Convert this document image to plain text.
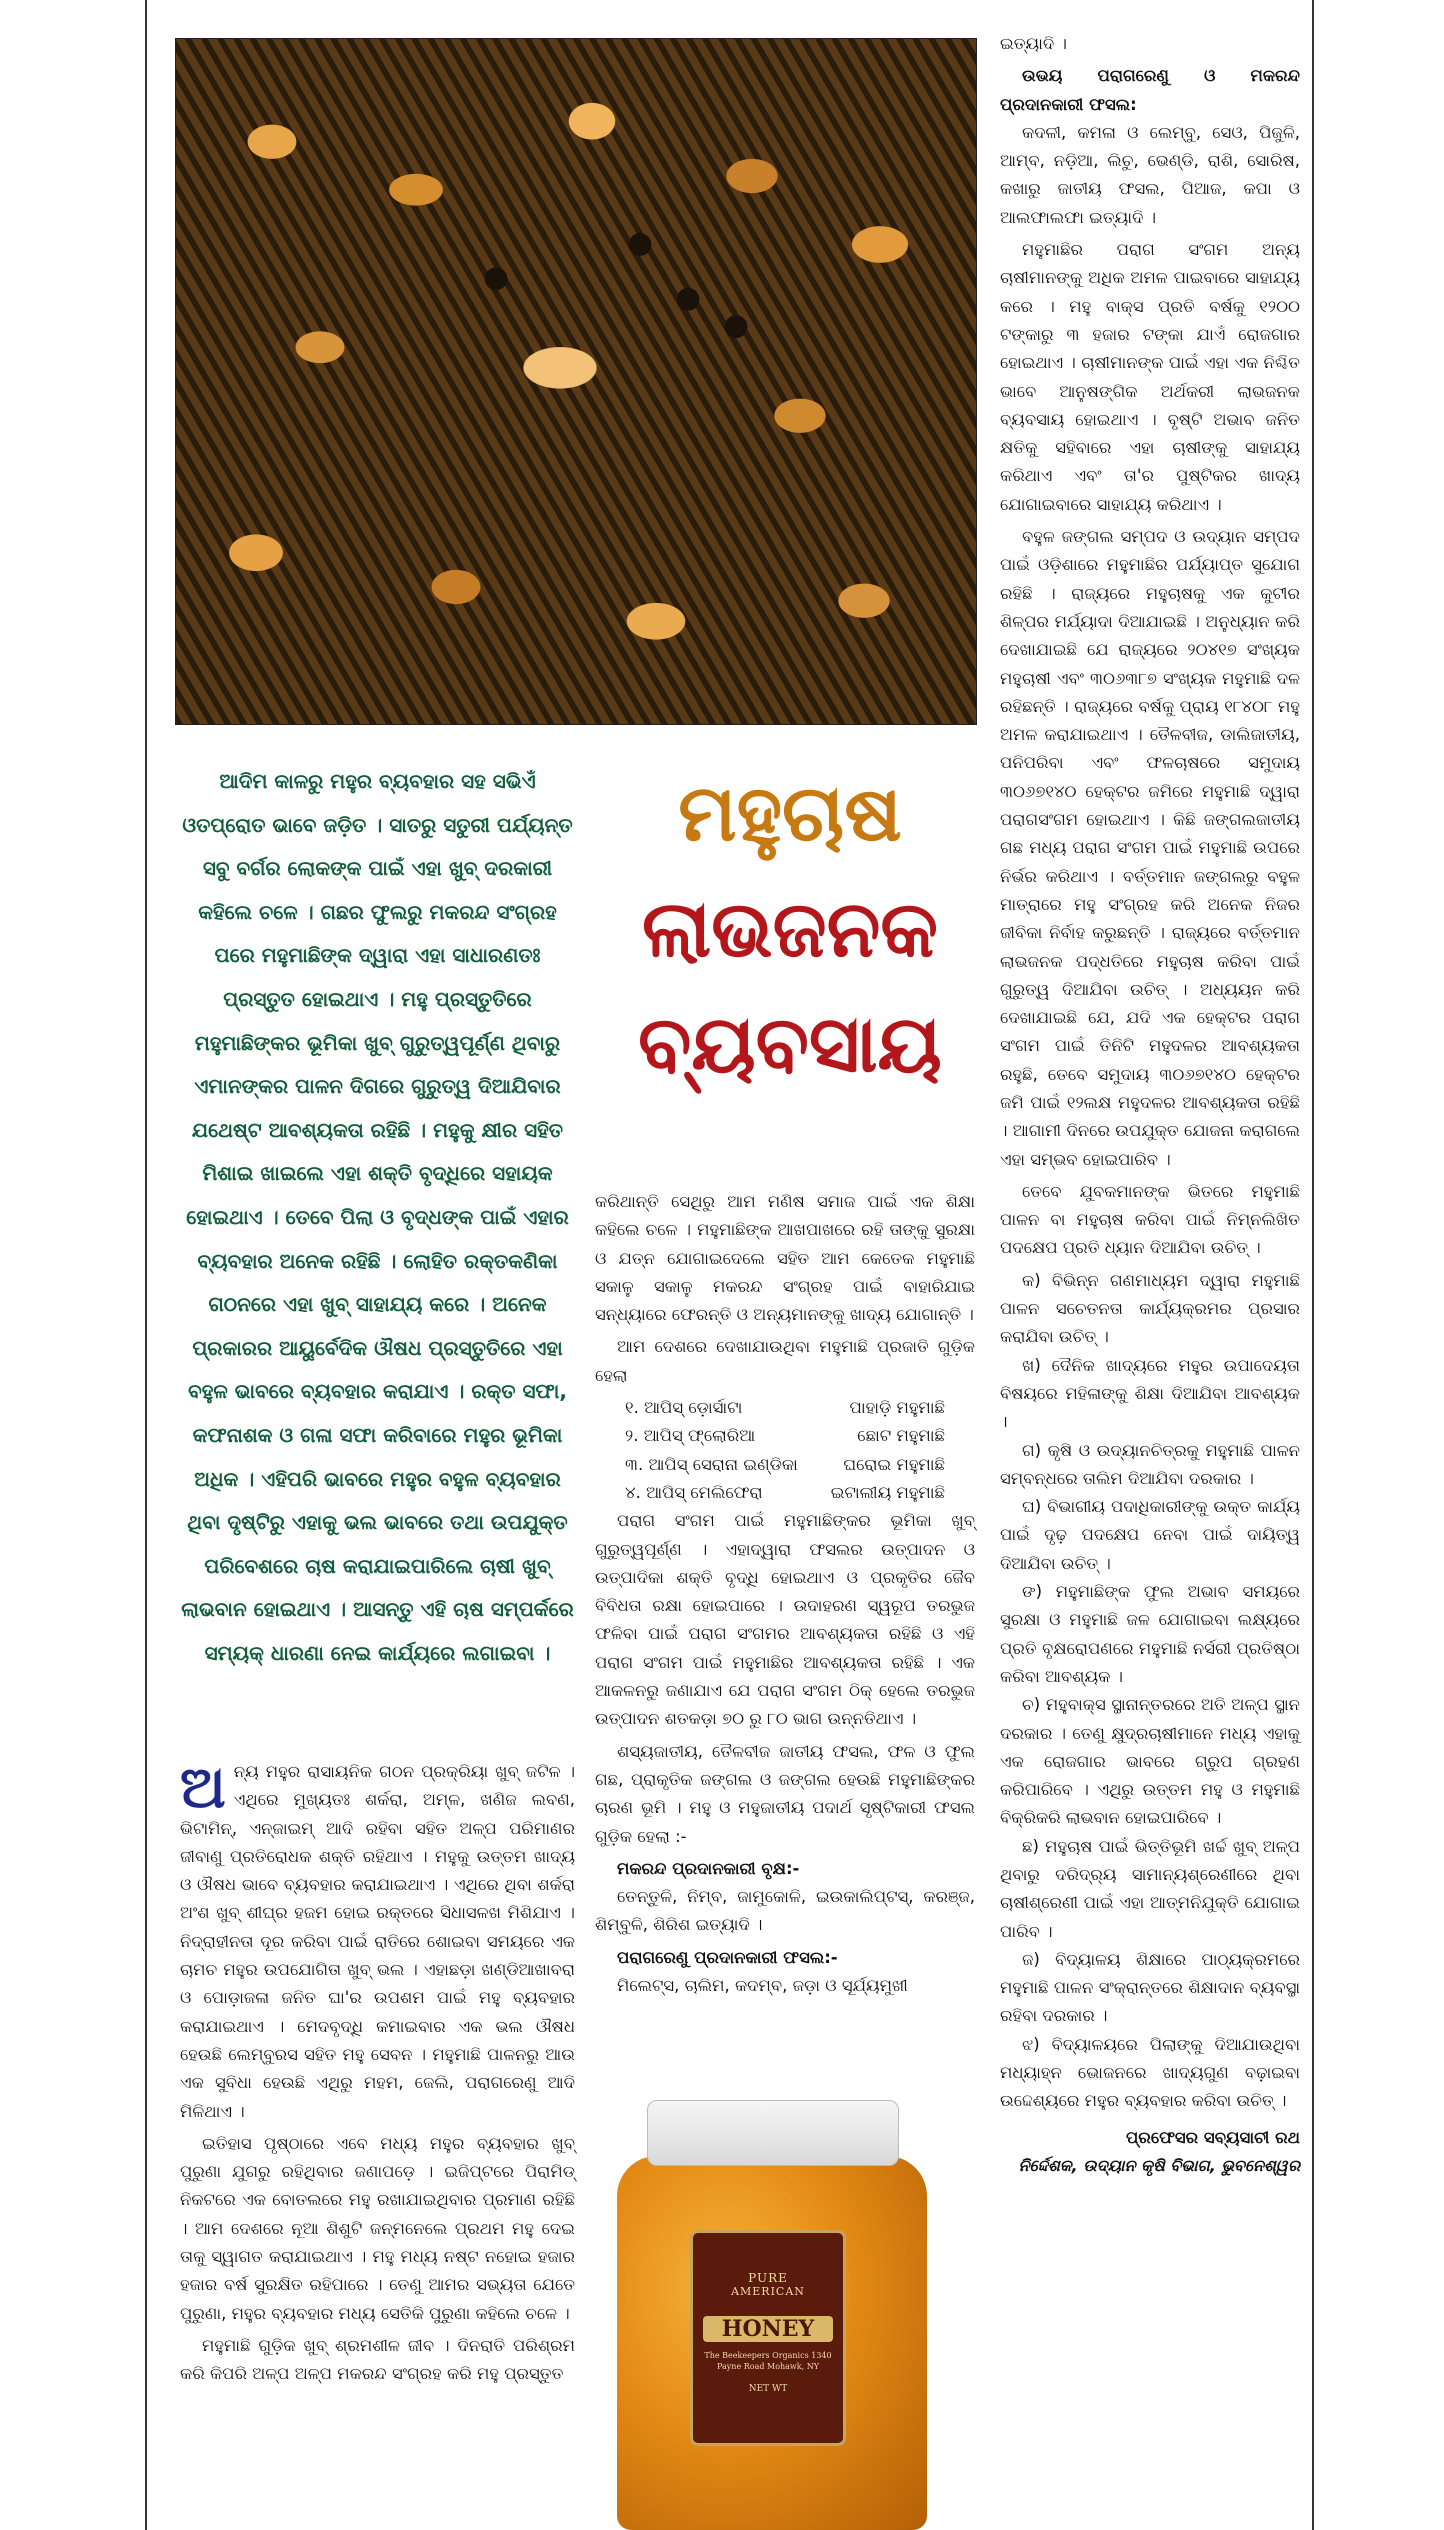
ମହୁଚାଷ
ଲାଭଜନକ
ବ୍ୟବସାୟ
ଆଦିମ କାଳରୁ ମହୁର ବ୍ୟବହାର ସହ ସଭିଏଁ ଓତପ୍ରୋତ ଭାବେ ଜଡ଼ିତ । ସାତରୁ ସତୁରୀ ପର୍ଯ୍ୟନ୍ତ ସବୁ ବର୍ଗର ଲୋକଙ୍କ ପାଇଁ ଏହା ଖୁବ୍ ଦରକାରୀ କହିଲେ ଚଳେ । ଗଛର ଫୁଲରୁ ମକରନ୍ଦ ସଂଗ୍ରହ ପରେ ମହୁମାଛିଙ୍କ ଦ୍ୱାରା ଏହା ସାଧାରଣତଃ ପ୍ରସ୍ତୁତ ହୋଇଥାଏ । ମହୁ ପ୍ରସ୍ତୁତିରେ ମହୁମାଛିଙ୍କର ଭୂମିକା ଖୁବ୍ ଗୁରୁତ୍ୱପୂର୍ଣ୍ଣ ଥିବାରୁ ଏମାନଙ୍କର ପାଳନ ଦିଗରେ ଗୁରୁତ୍ୱ ଦିଆଯିବାର ଯଥେଷ୍ଟ ଆବଶ୍ୟକତା ରହିଛି । ମହୁକୁ କ୍ଷୀର ସହିତ ମିଶାଇ ଖାଇଲେ ଏହା ଶକ୍ତି ବୃଦ୍ଧିରେ ସହାୟକ ହୋଇଥାଏ । ତେବେ ପିଲା ଓ ବୃଦ୍ଧଙ୍କ ପାଇଁ ଏହାର ବ୍ୟବହାର ଅନେକ ରହିଛି । ଲୋହିତ ରକ୍ତକଣିକା ଗଠନରେ ଏହା ଖୁବ୍ ସାହାଯ୍ୟ କରେ । ଅନେକ ପ୍ରକାରର ଆୟୁର୍ବେଦିକ ଔଷଧ ପ୍ରସ୍ତୁତିରେ ଏହା ବହୁଳ ଭାବରେ ବ୍ୟବହାର କରାଯାଏ । ରକ୍ତ ସଫା, କଫନାଶକ ଓ ଗଳା ସଫା କରିବାରେ ମହୁର ଭୂମିକା ଅଧିକ । ଏହିପରି ଭାବରେ ମହୁର ବହୁଳ ବ୍ୟବହାର ଥିବା ଦୃଷ୍ଟିରୁ ଏହାକୁ ଭଲ ଭାବରେ ତଥା ଉପଯୁକ୍ତ ପରିବେଶରେ ଚାଷ କରାଯାଇପାରିଲେ ଚାଷୀ ଖୁବ୍ ଲାଭବାନ ହୋଇଥାଏ । ଆସନ୍ତୁ ଏହି ଚାଷ ସମ୍ପର୍କରେ ସମ୍ୟକ୍ ଧାରଣା ନେଇ କାର୍ଯ୍ୟରେ ଲଗାଇବା ।

ଅନ୍ୟ ମହୁର ରାସାୟନିକ ଗଠନ ପ୍ରକ୍ରିୟା ଖୁବ୍ ଜଟିଳ । ଏଥିରେ ମୁଖ୍ୟତଃ ଶର୍କରା, ଅମ୍ଳ, ଖଣିଜ ଲବଣ, ଭିଟାମିନ୍, ଏନ୍‌ଜାଇମ୍ ଆଦି ରହିବା ସହିତ ଅଳ୍ପ ପରିମାଣର ଜୀବାଣୁ ପ୍ରତିରୋଧକ ଶକ୍ତି ରହିଥାଏ । ମହୁକୁ ଉତ୍ତମ ଖାଦ୍ୟ ଓ ଔଷଧ ଭାବେ ବ୍ୟବହାର କରାଯାଇଥାଏ । ଏଥିରେ ଥିବା ଶର୍କରା ଅଂଶ ଖୁବ୍ ଶୀଘ୍ର ହଜମ ହୋଇ ରକ୍ତରେ ସିଧାସଳଖ ମିଶିଯାଏ । ନିଦ୍ରାହୀନତା ଦୂର କରିବା ପାଇଁ ରାତିରେ ଶୋଇବା ସମୟରେ ଏକ ଚାମଚ ମହୁର ଉପଯୋଗିତା ଖୁବ୍ ଭଲ । ଏହାଛଡ଼ା ଖଣ୍ଡିଆଖାବରା ଓ ପୋଡ଼ାଜଳା ଜନିତ ଘା'ର ଉପଶମ ପାଇଁ ମହୁ ବ୍ୟବହାର କରାଯାଇଥାଏ । ମେଦବୃଦ୍ଧି କମାଇବାର ଏକ ଭଲ ଔଷଧ ହେଉଛି ଲେମ୍ବୁରସ ସହିତ ମହୁ ସେବନ । ମହୁମାଛି ପାଳନରୁ ଆଉ ଏକ ସୁବିଧା ହେଉଛି ଏଥିରୁ ମହମ, ଜେଲି, ପରାଗରେଣୁ ଆଦି ମିଳିଥାଏ ।

ଇତିହାସ ପୃଷ୍ଠାରେ ଏବେ ମଧ୍ୟ ମହୁର ବ୍ୟବହାର ଖୁବ୍ ପୁରୁଣା ଯୁଗରୁ ରହିଥିବାର ଜଣାପଡ଼େ । ଇଜିପ୍ଟରେ ପିରାମିଡ୍ ନିକଟରେ ଏକ ବୋତଲରେ ମହୁ ରଖାଯାଇଥିବାର ପ୍ରମାଣ ରହିଛି । ଆମ ଦେଶରେ ନୂଆ ଶିଶୁଟି ଜନ୍ମନେଲେ ପ୍ରଥମ ମହୁ ଦେଇ ତାକୁ ସ୍ୱାଗତ କରାଯାଇଥାଏ । ମହୁ ମଧ୍ୟ ନଷ୍ଟ ନହୋଇ ହଜାର ହଜାର ବର୍ଷ ସୁରକ୍ଷିତ ରହିପାରେ । ତେଣୁ ଆମର ସଭ୍ୟତା ଯେତେ ପୁରୁଣା, ମହୁର ବ୍ୟବହାର ମଧ୍ୟ ସେତିକି ପୁରୁଣା କହିଲେ ଚଳେ ।

ମହୁମାଛି ଗୁଡ଼ିକ ଖୁବ୍ ଶ୍ରମଶୀଳ ଜୀବ । ଦିନରାତି ପରିଶ୍ରମ କରି କିପରି ଅଳ୍ପ ଅଳ୍ପ ମକରନ୍ଦ ସଂଗ୍ରହ କରି ମହୁ ପ୍ରସ୍ତୁତ

କରିଥାନ୍ତି ସେଥିରୁ ଆମ ମଣିଷ ସମାଜ ପାଇଁ ଏକ ଶିକ୍ଷା କହିଲେ ଚଳେ । ମହୁମାଛିଙ୍କ ଆଖପାଖରେ ରହି ତାଙ୍କୁ ସୁରକ୍ଷା ଓ ଯତ୍ନ ଯୋଗାଇଦେଲେ ସହିତ ଆମ କେତେକ ମହୁମାଛି ସକାଳୁ ସକାଳୁ ମକରନ୍ଦ ସଂଗ୍ରହ ପାଇଁ ବାହାରିଯାଇ ସନ୍ଧ୍ୟାରେ ଫେରନ୍ତି ଓ ଅନ୍ୟମାନଙ୍କୁ ଖାଦ୍ୟ ଯୋଗାନ୍ତି ।

ଆମ ଦେଶରେ ଦେଖାଯାଉଥିବା ମହୁମାଛି ପ୍ରଜାତି ଗୁଡ଼ିକ ହେଲା

୧. ଆପିସ୍ ଡ଼ୋର୍ସାଟା	ପାହାଡ଼ି ମହୁମାଛି
୨. ଆପିସ୍ ଫ୍ଲୋରିଆ	ଛୋଟ ମହୁମାଛି
୩. ଆପିସ୍ ସେରାନା ଇଣ୍ଡିକା	ଘରୋଇ ମହୁମାଛି
୪. ଆପିସ୍ ମେଲିଫେରା	ଇଟାଲୀୟ ମହୁମାଛି

ପରାଗ ସଂଗମ ପାଇଁ ମହୁମାଛିଙ୍କର ଭୂମିକା ଖୁବ୍ ଗୁରୁତ୍ୱପୂର୍ଣ୍ଣ । ଏହାଦ୍ୱାରା ଫସଲର ଉତ୍ପାଦନ ଓ ଉତ୍ପାଦିକା ଶକ୍ତି ବୃଦ୍ଧି ହୋଇଥାଏ ଓ ପ୍ରକୃତିର ଜୈବ ବିବିଧତା ରକ୍ଷା ହୋଇପାରେ । ଉଦାହରଣ ସ୍ୱରୂପ ତରଭୁଜ ଫଳିବା ପାଇଁ ପରାଗ ସଂଗମର ଆବଶ୍ୟକତା ରହିଛି ଓ ଏହି ପରାଗ ସଂଗମ ପାଇଁ ମହୁମାଛିର ଆବଶ୍ୟକତା ରହିଛି । ଏକ ଆକଳନରୁ ଜଣାଯାଏ ଯେ ପରାଗ ସଂଗମ ଠିକ୍ ହେଲେ ତରଭୁଜ ଉତ୍ପାଦନ ଶତକଡ଼ା ୭୦ ରୁ ୮୦ ଭାଗ ଉନ୍ନତିଥାଏ ।

ଶସ୍ୟଜାତୀୟ, ତୈଳବୀଜ ଜାତୀୟ ଫସଲ, ଫଳ ଓ ଫୁଲ ଗଛ, ପ୍ରାକୃତିକ ଜଙ୍ଗଲ ଓ ଜଙ୍ଗଲ ହେଉଛି ମହୁମାଛିଙ୍କର ଚାରଣ ଭୂମି । ମହୁ ଓ ମହୁଜାତୀୟ ପଦାର୍ଥ ସୃଷ୍ଟିକାରୀ ଫସଲ ଗୁଡ଼ିକ ହେଲା :-

ମକରନ୍ଦ ପ୍ରଦାନକାରୀ ବୃକ୍ଷ:-

ତେନ୍ତୁଳି, ନିମ୍ବ, ଜାମୁକୋଳି, ଇଉକାଲିପ୍ଟସ୍, କରଞ୍ଜ, ଶିମ୍ବୁଳି, ଶିରିଶ ଇତ୍ୟାଦି ।

ପରାଗରେଣୁ ପ୍ରଦାନକାରୀ ଫସଲ:-

ମିଲେଟ୍ସ, ଚାଲିମ, କଦମ୍ବ, ଜଡ଼ା ଓ ସୂର୍ଯ୍ୟମୁଖୀ

PURE
AMERICAN
HONEY
The Beekeepers Organics 1340 Payne Road Mohawk, NY
NET WT

ଇତ୍ୟାଦି ।

ଉଭୟ ପରାଗରେଣୁ ଓ ମକରନ୍ଦ ପ୍ରଦାନକାରୀ ଫସଲ:

କଦଳୀ, କମଳା ଓ ଲେମ୍ବୁ, ସେଓ, ପିଜୁଳି, ଆମ୍ବ, ନଡ଼ିଆ, ଲିଚୁ, ଭେଣ୍ଡି, ରାଶି, ସୋରିଷ, କଖାରୁ ଜାତୀୟ ଫସଲ, ପିଆଜ, କପା ଓ ଆଲଫାଲଫା ଇତ୍ୟାଦି ।

ମହୁମାଛିର ପରାଗ ସଂଗମ ଅନ୍ୟ ଚାଷୀମାନଙ୍କୁ ଅଧିକ ଅମଳ ପାଇବାରେ ସାହାଯ୍ୟ କରେ । ମହୁ ବାକ୍ସ ପ୍ରତି ବର୍ଷକୁ ୧୨୦୦ ଟଙ୍କାରୁ ୩ ହଜାର ଟଙ୍କା ଯାଏଁ ରୋଜଗାର ହୋଇଥାଏ । ଚାଷୀମାନଙ୍କ ପାଇଁ ଏହା ଏକ ନିଶ୍ଚିତ ଭାବେ ଆନୁଷଙ୍ଗିକ ଅର୍ଥକରୀ ଲାଭଜନକ ବ୍ୟବସାୟ ହୋଇଥାଏ । ବୃଷ୍ଟି ଅଭାବ ଜନିତ କ୍ଷତିକୁ ସହିବାରେ ଏହା ଚାଷୀଙ୍କୁ ସାହାଯ୍ୟ କରିଥାଏ ଏବଂ ତା'ର ପୁଷ୍ଟିକର ଖାଦ୍ୟ ଯୋଗାଇବାରେ ସାହାଯ୍ୟ କରିଥାଏ ।

ବହୁଳ ଜଙ୍ଗଲ ସମ୍ପଦ ଓ ଉଦ୍ୟାନ ସମ୍ପଦ ପାଇଁ ଓଡ଼ିଶାରେ ମହୁମାଛିର ପର୍ଯ୍ୟାପ୍ତ ସୁଯୋଗ ରହିଛି । ରାଜ୍ୟରେ ମହୁଚାଷକୁ ଏକ କୁଟୀର ଶିଳ୍ପର ମର୍ଯ୍ୟାଦା ଦିଆଯାଇଛି । ଅନୁଧ୍ୟାନ କରି ଦେଖାଯାଇଛି ଯେ ରାଜ୍ୟରେ ୨୦୪୧୭ ସଂଖ୍ୟକ ମହୁଚାଷୀ ଏବଂ ୩୦୬୩୮୭ ସଂଖ୍ୟକ ମହୁମାଛି ଦଳ ରହିଛନ୍ତି । ରାଜ୍ୟରେ ବର୍ଷକୁ ପ୍ରାୟ ୧୮୪୦୮ ମହୁ ଅମଳ କରାଯାଇଥାଏ । ତୈଳବୀଜ, ଡାଲିଜାତୀୟ, ପନିପରିବା ଏବଂ ଫଳଚାଷରେ ସମୁଦାୟ ୩୦୬୭୧୪୦ ହେକ୍ଟର ଜମିରେ ମହୁମାଛି ଦ୍ୱାରା ପରାଗସଂଗମ ହୋଇଥାଏ । କିଛି ଜଙ୍ଗଲଜାତୀୟ ଗଛ ମଧ୍ୟ ପରାଗ ସଂଗମ ପାଇଁ ମହୁମାଛି ଉପରେ ନିର୍ଭର କରିଥାଏ । ବର୍ତ୍ତମାନ ଜଙ୍ଗଲରୁ ବହୁଳ ମାତ୍ରାରେ ମହୁ ସଂଗ୍ରହ କରି ଅନେକ ନିଜର ଜୀବିକା ନିର୍ବାହ କରୁଛନ୍ତି । ରାଜ୍ୟରେ ବର୍ତ୍ତମାନ ଲାଭଜନକ ପଦ୍ଧତିରେ ମହୁଚାଷ କରିବା ପାଇଁ ଗୁରୁତ୍ୱ ଦିଆଯିବା ଉଚିତ୍ । ଅଧ୍ୟୟନ କରି ଦେଖାଯାଇଛି ଯେ, ଯଦି ଏକ ହେକ୍ଟର ପରାଗ ସଂଗମ ପାଇଁ ତିନିଟି ମହୁଦଳର ଆବଶ୍ୟକତା ରହୁଛି, ତେବେ ସମୁଦାୟ ୩୦୬୭୧୪୦ ହେକ୍ଟର ଜମି ପାଇଁ ୧୨ଲକ୍ଷ ମହୁଦଳର ଆବଶ୍ୟକତା ରହିଛି । ଆଗାମୀ ଦିନରେ ଉପଯୁକ୍ତ ଯୋଜନା କରାଗଲେ ଏହା ସମ୍ଭବ ହୋଇପାରିବ ।

ତେବେ ଯୁବକମାନଙ୍କ ଭିତରେ ମହୁମାଛି ପାଳନ ବା ମହୁଚାଷ କରିବା ପାଇଁ ନିମ୍ନଲିଖିତ ପଦକ୍ଷେପ ପ୍ରତି ଧ୍ୟାନ ଦିଆଯିବା ଉଚିତ୍ ।

କ) ବିଭିନ୍ନ ଗଣମାଧ୍ୟମ ଦ୍ୱାରା ମହୁମାଛି ପାଳନ ସଚେତନତା କାର୍ଯ୍ୟକ୍ରମର ପ୍ରସାର କରାଯିବା ଉଚିତ୍ ।

ଖ) ଦୈନିକ ଖାଦ୍ୟରେ ମହୁର ଉପାଦେୟତା ବିଷୟରେ ମହିଳାଙ୍କୁ ଶିକ୍ଷା ଦିଆଯିବା ଆବଶ୍ୟକ ।

ଗ) କୃଷି ଓ ଉଦ୍ୟାନଚିତ୍ରକୁ ମହୁମାଛି ପାଳନ ସମ୍ବନ୍ଧରେ ତାଲିମ ଦିଆଯିବା ଦରକାର ।

ଘ) ବିଭାଗୀୟ ପଦାଧିକାରୀଙ୍କୁ ଉକ୍ତ କାର୍ଯ୍ୟ ପାଇଁ ଦୃଢ଼ ପଦକ୍ଷେପ ନେବା ପାଇଁ ଦାୟିତ୍ୱ ଦିଆଯିବା ଉଚିତ୍ ।

ଙ) ମହୁମାଛିଙ୍କ ଫୁଲ ଅଭାବ ସମୟରେ ସୁରକ୍ଷା ଓ ମହୁମାଛି ଜଳ ଯୋଗାଇବା ଲକ୍ଷ୍ୟରେ ପ୍ରତି ବୃକ୍ଷରୋପଣରେ ମହୁମାଛି ନର୍ସରୀ ପ୍ରତିଷ୍ଠା କରିବା ଆବଶ୍ୟକ ।

ଚ) ମହୁବାକ୍ସ ସ୍ଥାନାନ୍ତରରେ ଅତି ଅଳ୍ପ ସ୍ଥାନ ଦରକାର । ତେଣୁ କ୍ଷୁଦ୍ରଚାଷୀମାନେ ମଧ୍ୟ ଏହାକୁ ଏକ ରୋଜଗାର ଭାବରେ ଗ୍ରୁପ ଗ୍ରହଣ କରିପାରିବେ । ଏଥିରୁ ଉତ୍ତମ ମହୁ ଓ ମହୁମାଛି ବିକ୍ରିକରି ଲାଭବାନ ହୋଇପାରିବେ ।

ଛ) ମହୁଚାଷ ପାଇଁ ଭିତ୍ତିଭୂମି ଖର୍ଚ୍ଚ ଖୁବ୍ ଅଳ୍ପ ଥିବାରୁ ଦରିଦ୍ର୍ୟ ସାମାନ୍ୟଶ୍ରେଣୀରେ ଥିବା ଚାଷୀଶ୍ରେଣୀ ପାଇଁ ଏହା ଆତ୍ମନିଯୁକ୍ତି ଯୋଗାଇ ପାରିବ ।

ଜ) ବିଦ୍ୟାଳୟ ଶିକ୍ଷାରେ ପାଠ୍ୟକ୍ରମରେ ମହୁମାଛି ପାଳନ ସଂକ୍ରାନ୍ତରେ ଶିକ୍ଷାଦାନ ବ୍ୟବସ୍ଥା ରହିବା ଦରକାର ।

ଝ) ବିଦ୍ୟାଳୟରେ ପିଲାଙ୍କୁ ଦିଆଯାଉଥିବା ମଧ୍ୟାହ୍ନ ଭୋଜନରେ ଖାଦ୍ୟଗୁଣ ବଢ଼ାଇବା ଉଦ୍ଦେଶ୍ୟରେ ମହୁର ବ୍ୟବହାର କରିବା ଉଚିତ୍ ।

ପ୍ରଫେସର ସବ୍ୟସାଚୀ ରଥ
ନିର୍ଦ୍ଦେଶକ, ଉଦ୍ୟାନ କୃଷି ବିଭାଗ, ଭୁବନେଶ୍ୱର
